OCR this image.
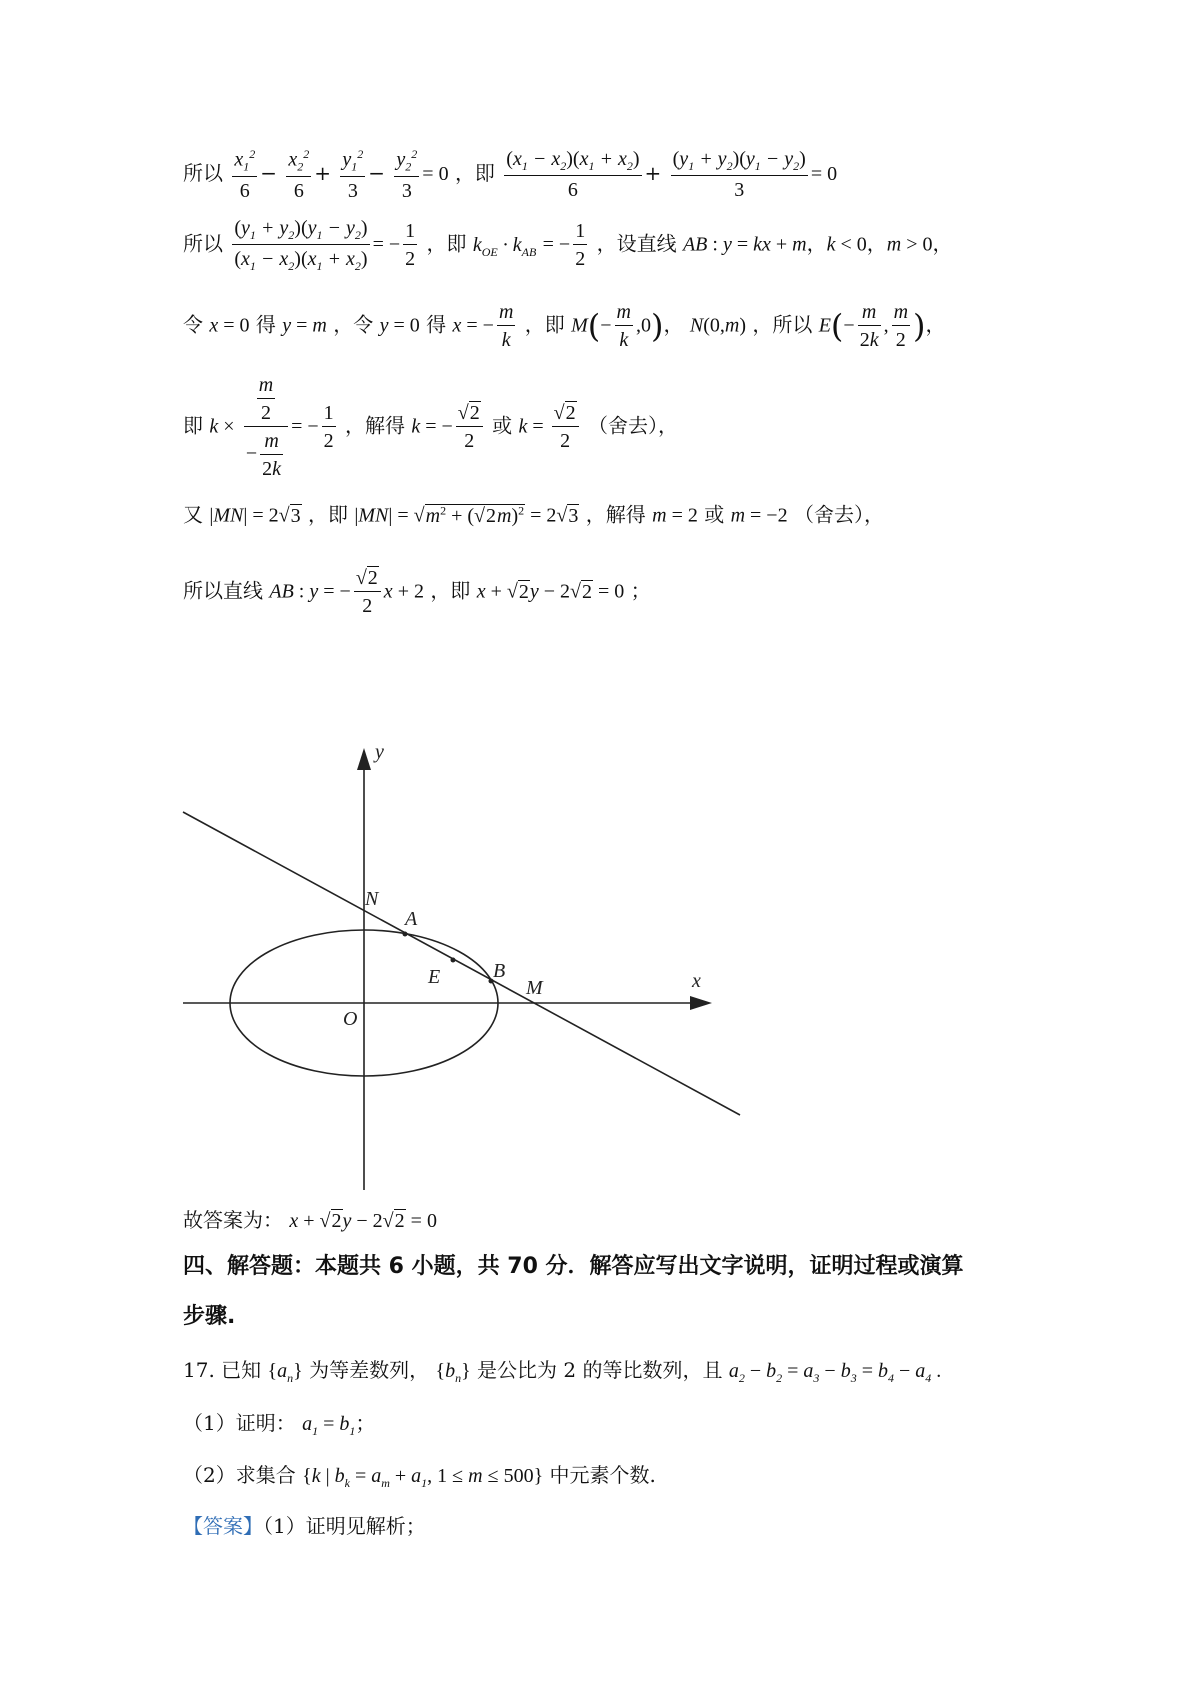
所以 $\frac{x_1^2}{6} - \frac{x_2^2}{6} + \frac{y_1^2}{3} - \frac{y_2^2}{3} = 0$ ，即 $\frac{(x_1 - x_2)(x_1 + x_2)}{6} + \frac{(y_1 + y_2)(y_1 - y_2)}{3} = 0$
所以 $\frac{(y_1 + y_2)(y_1 - y_2)}{(x_1 - x_2)(x_1 + x_2)}$ = − $\frac{1}{2}$ ，即 $k_{OE} \cdot k_{AB}$ = − $\frac{1}{2}$ ，设直线 AB : y = kx + m，k < 0，m > 0，
令 x = 0 得 y = m ，令 y = 0 得 x = − $\frac{m}{k}$ ，即 $M(- \frac{m}{k} ,0)$， N(0,m) ，所以 $E(- \frac{m}{2k}$ , $\frac{m}{2}$ )，
即 $k \times \frac{\frac{m}{2}}{- \frac{m}{2k}}$ = − $\frac{1}{2}$ ，解得 k = − $\frac{√2}{2}$ 或 $k = \frac{√2}{2}$ （舍去），
又 |MN| = 2√3 ，即 $|MN| = √m^2 + (√2m)^2 = 2√3$ ，解得 m = 2 或 m = −2 （舍去），
所以直线 AB : y = − $\frac{√2}{2}$ x + 2 ，即 x + √2y − 2√2 = 0 ；
y
x
N
A
E	B
M
O
故答案为： x + √2y − 2√2 = 0
四、解答题：本题共 6 小题，共 70 分．解答应写出文字说明，证明过程或演算
步骤.
17. 已知 $\{a_n\}$ 为等差数列， $\{b_n\}$ 是公比为 2 的等比数列，且 $a_2 - b_2 = a_3 - b_3 = b_4 - a_4$ .
（1）证明： $a_1 = b_1$；
（2）求集合 {k | $b_k = a_m + a_1$, 1 ≤ m ≤ 500} 中元素个数.
【答案】（1）证明见解析；
